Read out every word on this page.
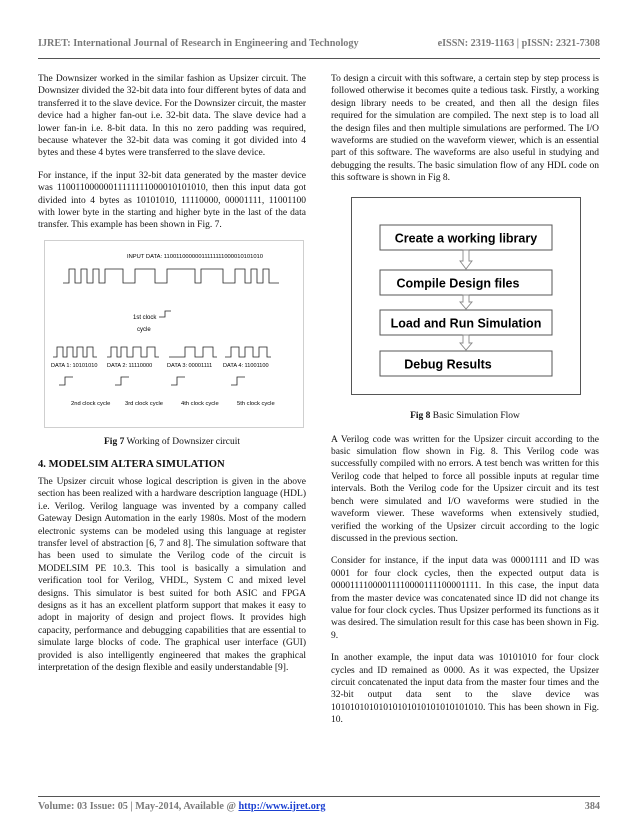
IJRET: International Journal of Research in Engineering and Technology	eISSN: 2319-1163 | pISSN: 2321-7308

The Downsizer worked in the similar fashion as Upsizer circuit. The Downsizer divided the 32-bit data into four different bytes of data and transferred it to the slave device. For the Downsizer circuit, the master device had a higher fan-out i.e. 32-bit data. The slave device had a lower fan-in i.e. 8-bit data. In this no zero padding was required, because whatever the 32-bit data was coming it got divided into 4 bytes and these 4 bytes were transferred to the slave device.

For instance, if the input 32-bit data generated by the master device was 11001100000011111111000010101010, then this input data got divided into 4 bytes as 10101010, 11110000, 00001111, 11001100 with lower byte in the starting and higher byte in the last of the data transfer. This example has been shown in Fig. 7.

INPUT DATA: 11001100000011111111000010101010
1st clock
cycle
DATA 1: 10101010 DATA 2: 11110000	DATA 3: 00001111 DATA 4: 11001100
2nd clock cycle	3rd clock cycle	4th clock cycle	5th clock cycle
Fig 7 Working of Downsizer circuit
4. MODELSIM ALTERA SIMULATION

The Upsizer circuit whose logical description is given in the above section has been realized with a hardware description language (HDL) i.e. Verilog. Verilog language was invented by a company called Gateway Design Automation in the early 1980s. Most of the modern electronic systems can be modeled using this language at register transfer level of abstraction [6, 7 and 8]. The simulation software that has been used to simulate the Verilog code of the circuit is MODELSIM PE 10.3. This tool is basically a simulation and verification tool for Verilog, VHDL, System C and mixed level designs. This simulator is best suited for both ASIC and FPGA designs as it has an excellent platform support that makes it easy to adopt in majority of design and project flows. It provides high capacity, performance and debugging capabilities that are essential to simulate large blocks of code. The graphical user interface (GUI) provided is also intelligently engineered that makes the graphical interpretation of the design flexible and easily understandable [9].

To design a circuit with this software, a certain step by step process is followed otherwise it becomes quite a tedious task. Firstly, a working design library needs to be created, and then all the design files required for the simulation are compiled. The next step is to load all the design files and then multiple simulations are performed. The I/O waveforms are studied on the waveform viewer, which is an essential part of this software. The waveforms are also useful in studying and debugging the results. The basic simulation flow of any HDL code on this software is shown in Fig 8.

Create a working library
Compile Design files
Load and Run Simulation
Debug Results
Fig 8 Basic Simulation Flow

A Verilog code was written for the Upsizer circuit according to the basic simulation flow shown in Fig. 8. This Verilog code was successfully compiled with no errors. A test bench was written for this Verilog code that helped to force all possible inputs at regular time intervals. Both the Verilog code for the Upsizer circuit and its test bench were simulated and I/O waveforms were studied in the waveform viewer. These waveforms when extensively studied, verified the working of the Upsizer circuit according to the logic discussed in the previous section.

Consider for instance, if the input data was 00001111 and ID was 0001 for four clock cycles, then the expected output data is 00001111000011110000111100001111. In this case, the input data from the master device was concatenated since ID did not change its value for four clock cycles. Thus Upsizer performed its functions as it was desired. The simulation result for this case has been shown in Fig. 9.

In another example, the input data was 10101010 for four clock cycles and ID remained as 0000. As it was expected, the Upsizer circuit concatenated the input data from the master four times and the 32-bit output data sent to the slave device was 10101010101010101010101010101010. This has been shown in Fig. 10.

Volume: 03 Issue: 05 | May-2014, Available @ http://www.ijret.org	384
